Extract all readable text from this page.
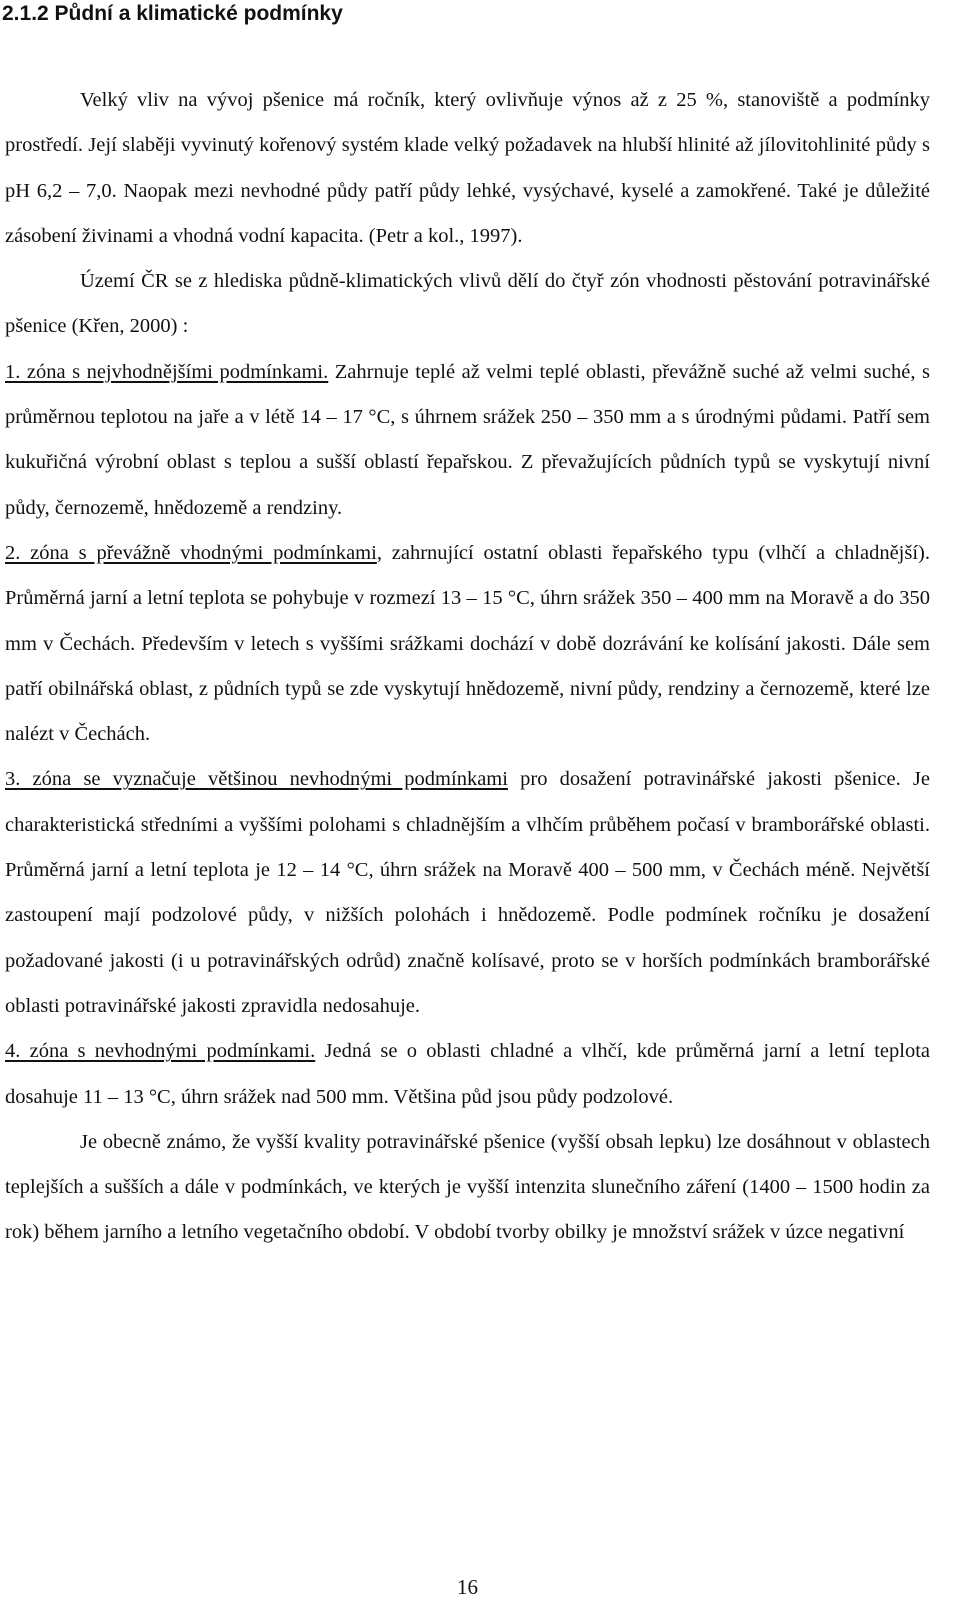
2.1.2 Půdní a klimatické podmínky

Velký vliv na vývoj pšenice má ročník, který ovlivňuje výnos až z 25 %, stanoviště a podmínky prostředí. Její slaběji vyvinutý kořenový systém klade velký požadavek na hlubší hlinité až jílovitohlinité půdy s pH 6,2 – 7,0. Naopak mezi nevhodné půdy patří půdy lehké, vysýchavé, kyselé a zamokřené. Také je důležité zásobení živinami a vhodná vodní kapacita. (Petr a kol., 1997).

Území ČR se z hlediska půdně-klimatických vlivů dělí do čtyř zón vhodnosti pěstování potravinářské pšenice (Křen, 2000) :

1. zóna s nejvhodnějšími podmínkami. Zahrnuje teplé až velmi teplé oblasti, převážně suché až velmi suché, s průměrnou teplotou na jaře a v létě 14 – 17 °C, s úhrnem srážek 250 – 350 mm a s úrodnými půdami. Patří sem kukuřičná výrobní oblast s teplou a sušší oblastí řepařskou. Z převažujících půdních typů se vyskytují nivní půdy, černozemě, hnědozemě a rendziny.

2. zóna s převážně vhodnými podmínkami, zahrnující ostatní oblasti řepařského typu (vlhčí a chladnější). Průměrná jarní a letní teplota se pohybuje v rozmezí 13 – 15 °C, úhrn srážek 350 – 400 mm na Moravě a do 350 mm v Čechách. Především v letech s vyššími srážkami dochází v době dozrávání ke kolísání jakosti. Dále sem patří obilnářská oblast, z půdních typů se zde vyskytují hnědozemě, nivní půdy, rendziny a černozemě, které lze nalézt v Čechách.

3. zóna se vyznačuje většinou nevhodnými podmínkami pro dosažení potravinářské jakosti pšenice. Je charakteristická středními a vyššími polohami s chladnějším a vlhčím průběhem počasí v bramborářské oblasti. Průměrná jarní a letní teplota je 12 – 14 °C, úhrn srážek na Moravě 400 – 500 mm, v Čechách méně. Největší zastoupení mají podzolové půdy, v nižších polohách i hnědozemě. Podle podmínek ročníku je dosažení požadované jakosti (i u potravinářských odrůd) značně kolísavé, proto se v horších podmínkách bramborářské oblasti potravinářské jakosti zpravidla nedosahuje.

4. zóna s nevhodnými podmínkami. Jedná se o oblasti chladné a vlhčí, kde průměrná jarní a letní teplota dosahuje 11 – 13 °C, úhrn srážek nad 500 mm. Většina půd jsou půdy podzolové.

Je obecně známo, že vyšší kvality potravinářské pšenice (vyšší obsah lepku) lze dosáhnout v oblastech teplejších a sušších a dále v podmínkách, ve kterých je vyšší intenzita slunečního záření (1400 – 1500 hodin za rok) během jarního a letního vegetačního období. V období tvorby obilky je množství srážek v úzce negativní

16
